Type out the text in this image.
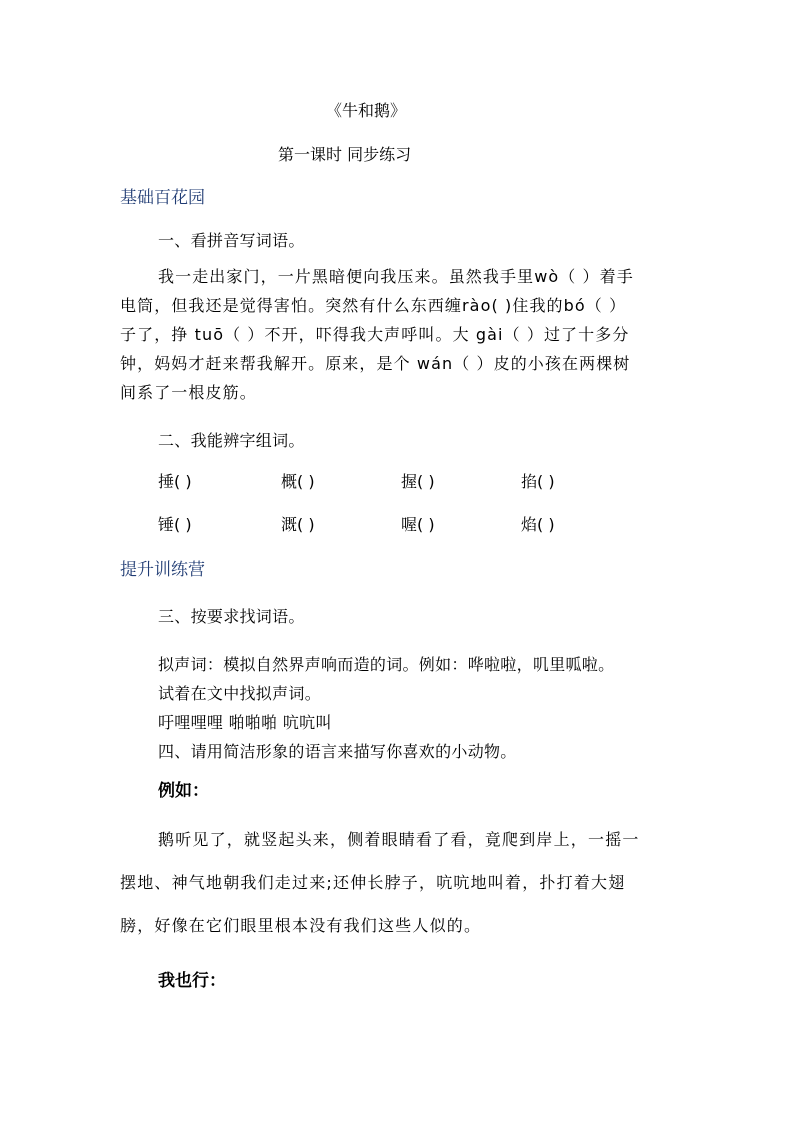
《牛和鹅》
第一课时 同步练习
基础百花园
一、看拼音写词语。
我一走出家门，一片黑暗便向我压来。虽然我手里wò（ ）着手电筒，但我还是觉得害怕。突然有什么东西缠rào( )住我的bó（ ）子了，挣 tuō（ ）不开，吓得我大声呼叫。大 gài（ ）过了十多分钟，妈妈才赶来帮我解开。原来，是个 wán（ ）皮的小孩在两棵树间系了一根皮筋。
二、我能辨字组词。
捶( )	概( )	握( )	掐( )
锤( )	溉( )	喔( )	焰( )
提升训练营
三、按要求找词语。
拟声词：模拟自然界声响而造的词。例如：哗啦啦，叽里呱啦。
试着在文中找拟声词。
吁哩哩哩 啪啪啪 吭吭叫
四、请用简洁形象的语言来描写你喜欢的小动物。
例如：
鹅听见了，就竖起头来，侧着眼睛看了看，竟爬到岸上，一摇一摆地、神气地朝我们走过来;还伸长脖子，吭吭地叫着，扑打着大翅膀，好像在它们眼里根本没有我们这些人似的。
我也行：
